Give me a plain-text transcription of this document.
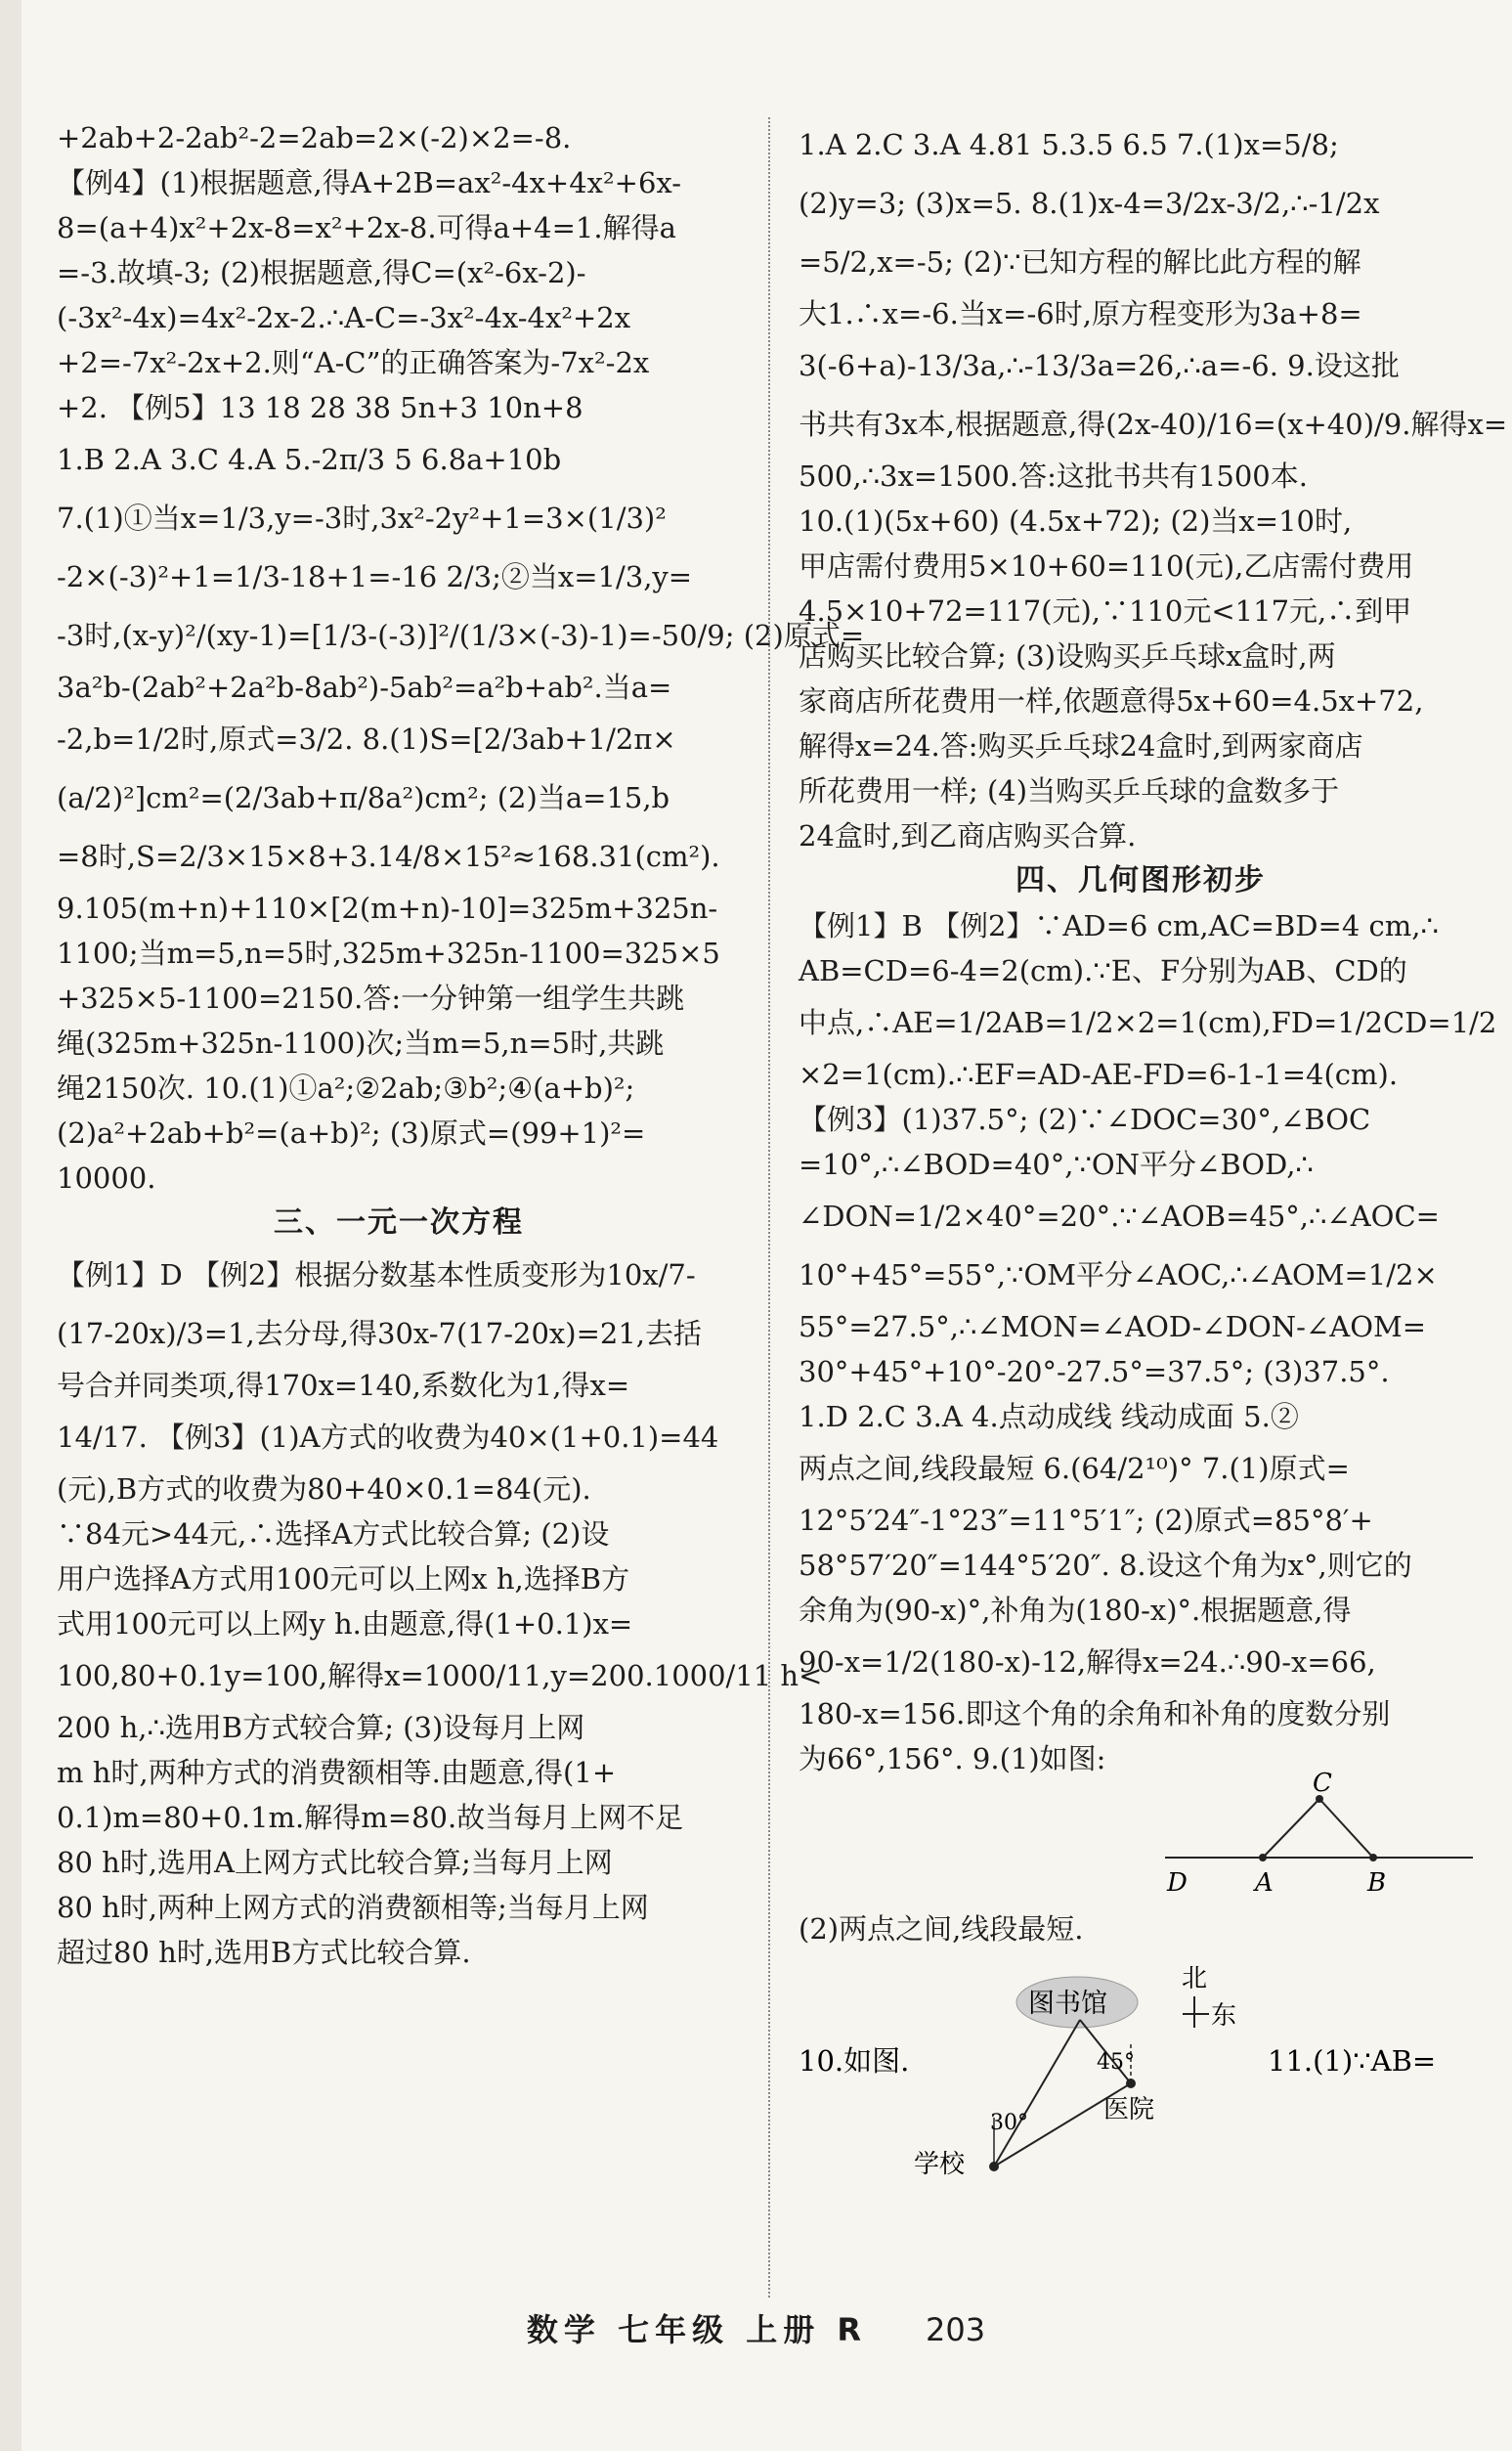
+2ab+2-2ab²-2=2ab=2×(-2)×2=-8.

【例4】(1)根据题意,得A+2B=ax²-4x+4x²+6x-

8=(a+4)x²+2x-8=x²+2x-8.可得a+4=1.解得a

=-3.故填-3; (2)根据题意,得C=(x²-6x-2)-

(-3x²-4x)=4x²-2x-2.∴A-C=-3x²-4x-4x²+2x

+2=-7x²-2x+2.则“A-C”的正确答案为-7x²-2x

+2. 【例5】13 18 28 38 5n+3 10n+8

1.B 2.A 3.C 4.A 5.-2π/3 5 6.8a+10b

7.(1)①当x=1/3,y=-3时,3x²-2y²+1=3×(1/3)²

-2×(-3)²+1=1/3-18+1=-16 2/3;②当x=1/3,y=

-3时,(x-y)²/(xy-1)=[1/3-(-3)]²/(1/3×(-3)-1)=-50/9; (2)原式=

3a²b-(2ab²+2a²b-8ab²)-5ab²=a²b+ab².当a=

-2,b=1/2时,原式=3/2. 8.(1)S=[2/3ab+1/2π×

(a/2)²]cm²=(2/3ab+π/8a²)cm²; (2)当a=15,b

=8时,S=2/3×15×8+3.14/8×15²≈168.31(cm²).

9.105(m+n)+110×[2(m+n)-10]=325m+325n-

1100;当m=5,n=5时,325m+325n-1100=325×5

+325×5-1100=2150.答:一分钟第一组学生共跳

绳(325m+325n-1100)次;当m=5,n=5时,共跳

绳2150次. 10.(1)①a²;②2ab;③b²;④(a+b)²;

(2)a²+2ab+b²=(a+b)²; (3)原式=(99+1)²=

10000.

三、一元一次方程

【例1】D 【例2】根据分数基本性质变形为10x/7-

(17-20x)/3=1,去分母,得30x-7(17-20x)=21,去括

号合并同类项,得170x=140,系数化为1,得x=

14/17. 【例3】(1)A方式的收费为40×(1+0.1)=44

(元),B方式的收费为80+40×0.1=84(元).

∵84元>44元,∴选择A方式比较合算; (2)设

用户选择A方式用100元可以上网x h,选择B方

式用100元可以上网y h.由题意,得(1+0.1)x=

100,80+0.1y=100,解得x=1000/11,y=200.1000/11 h<

200 h,∴选用B方式较合算; (3)设每月上网

m h时,两种方式的消费额相等.由题意,得(1+

0.1)m=80+0.1m.解得m=80.故当每月上网不足

80 h时,选用A上网方式比较合算;当每月上网

80 h时,两种上网方式的消费额相等;当每月上网

超过80 h时,选用B方式比较合算.

1.A 2.C 3.A 4.81 5.3.5 6.5 7.(1)x=5/8;

(2)y=3; (3)x=5. 8.(1)x-4=3/2x-3/2,∴-1/2x

=5/2,x=-5; (2)∵已知方程的解比此方程的解

大1.∴x=-6.当x=-6时,原方程变形为3a+8=

3(-6+a)-13/3a,∴-13/3a=26,∴a=-6. 9.设这批

书共有3x本,根据题意,得(2x-40)/16=(x+40)/9.解得x=

500,∴3x=1500.答:这批书共有1500本.

10.(1)(5x+60) (4.5x+72); (2)当x=10时,

甲店需付费用5×10+60=110(元),乙店需付费用

4.5×10+72=117(元),∵110元<117元,∴到甲

店购买比较合算; (3)设购买乒乓球x盒时,两

家商店所花费用一样,依题意得5x+60=4.5x+72,

解得x=24.答:购买乒乓球24盒时,到两家商店

所花费用一样; (4)当购买乒乓球的盒数多于

24盒时,到乙商店购买合算.

四、几何图形初步

【例1】B 【例2】∵AD=6 cm,AC=BD=4 cm,∴

AB=CD=6-4=2(cm).∵E、F分别为AB、CD的

中点,∴AE=1/2AB=1/2×2=1(cm),FD=1/2CD=1/2

×2=1(cm).∴EF=AD-AE-FD=6-1-1=4(cm).

【例3】(1)37.5°; (2)∵∠DOC=30°,∠BOC

=10°,∴∠BOD=40°,∵ON平分∠BOD,∴

∠DON=1/2×40°=20°.∵∠AOB=45°,∴∠AOC=

10°+45°=55°,∵OM平分∠AOC,∴∠AOM=1/2×

55°=27.5°,∴∠MON=∠AOD-∠DON-∠AOM=

30°+45°+10°-20°-27.5°=37.5°; (3)37.5°.

1.D 2.C 3.A 4.点动成线 线动成面 5.②

两点之间,线段最短 6.(64/2¹⁰)° 7.(1)原式=

12°5′24″-1°23″=11°5′1″; (2)原式=85°8′+

58°57′20″=144°5′20″. 8.设这个角为x°,则它的

余角为(90-x)°,补角为(180-x)°.根据题意,得

90-x=1/2(180-x)-12,解得x=24.∴90-x=66,

180-x=156.即这个角的余角和补角的度数分别

为66°,156°. 9.(1)如图:

C
D	A	B

(2)两点之间,线段最短.

图书馆
北
东
45°
医院
30°
学校
10.如图.	11.(1)∵AB=
数学 七年级 上册 R 203
